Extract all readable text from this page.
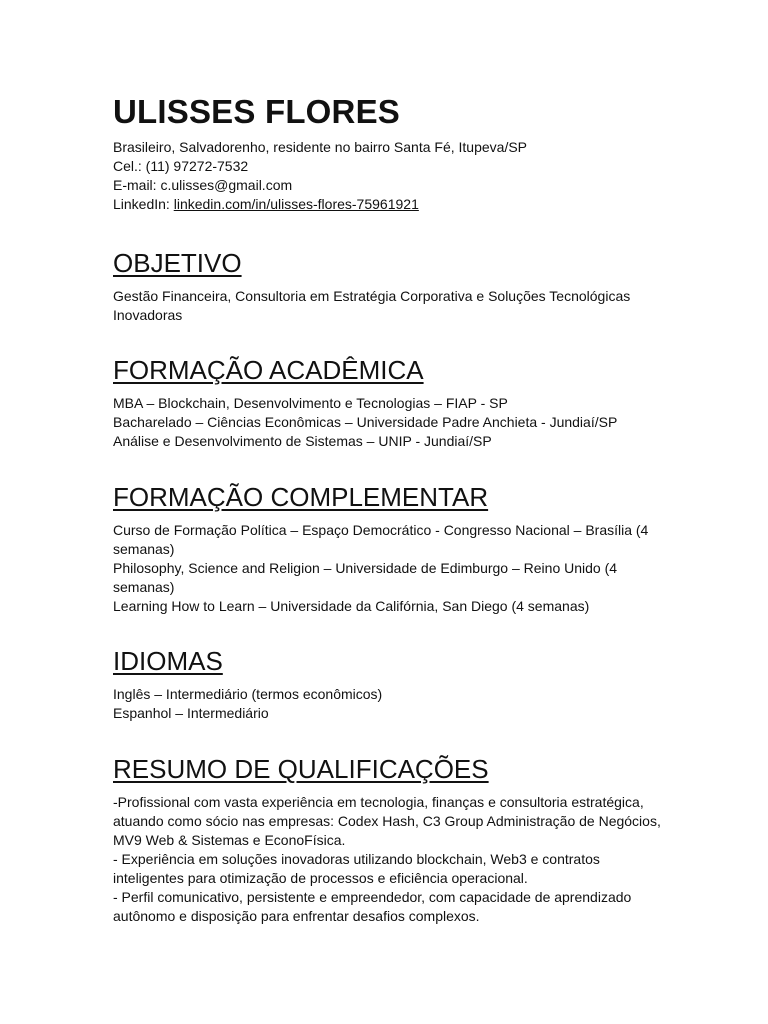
ULISSES FLORES

Brasileiro, Salvadorenho, residente no bairro Santa Fé, Itupeva/SP

Cel.: (11) 97272-7532

E-mail: c.ulisses@gmail.com

LinkedIn: linkedin.com/in/ulisses-flores-75961921

OBJETIVO

Gestão Financeira, Consultoria em Estratégia Corporativa e Soluções Tecnológicas Inovadoras

FORMAÇÃO ACADÊMICA

MBA – Blockchain, Desenvolvimento e Tecnologias – FIAP - SP

Bacharelado – Ciências Econômicas – Universidade Padre Anchieta - Jundiaí/SP

Análise e Desenvolvimento de Sistemas – UNIP - Jundiaí/SP

FORMAÇÃO COMPLEMENTAR

Curso de Formação Política – Espaço Democrático - Congresso Nacional – Brasília (4 semanas)

Philosophy, Science and Religion – Universidade de Edimburgo – Reino Unido (4 semanas)

Learning How to Learn – Universidade da Califórnia, San Diego (4 semanas)

IDIOMAS

Inglês – Intermediário (termos econômicos)

Espanhol – Intermediário

RESUMO DE QUALIFICAÇÕES

-Profissional com vasta experiência em tecnologia, finanças e consultoria estratégica, atuando como sócio nas empresas: Codex Hash, C3 Group Administração de Negócios, MV9 Web & Sistemas e EconoFísica.

- Experiência em soluções inovadoras utilizando blockchain, Web3 e contratos inteligentes para otimização de processos e eficiência operacional.

- Perfil comunicativo, persistente e empreendedor, com capacidade de aprendizado autônomo e disposição para enfrentar desafios complexos.
